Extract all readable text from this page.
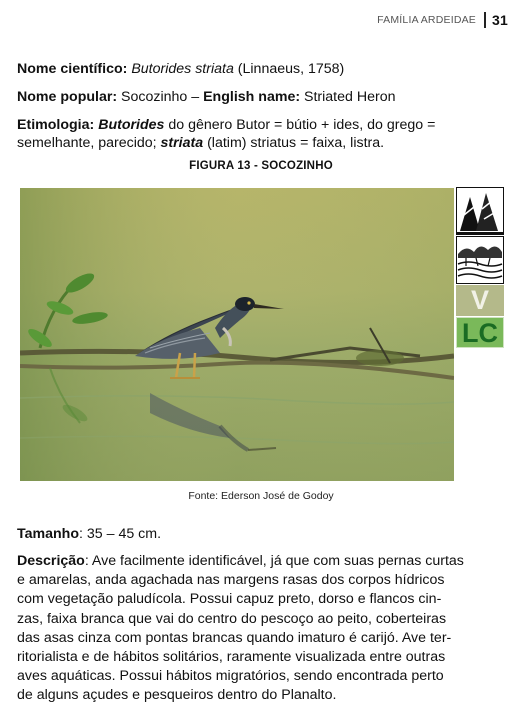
FAMÍLIA ARDEIDAE 31
Nome científico: Butorides striata (Linnaeus, 1758)
Nome popular: Socozinho – English name: Striated Heron
Etimologia: Butorides do gênero Butor = bútio + ides, do grego =
semelhante, parecido; striata (latim) striatus = faixa, listra.
FIGURA 13 - SOCOZINHO
V
LC
Fonte: Ederson José de Godoy
Tamanho: 35 – 45 cm.
Descrição: Ave facilmente identificável, já que com suas pernas curtas
e amarelas, anda agachada nas margens rasas dos corpos hídricos
com vegetação paludícola. Possui capuz preto, dorso e flancos cin-
zas, faixa branca que vai do centro do pescoço ao peito, coberteiras
das asas cinza com pontas brancas quando imaturo é carijó. Ave ter-
ritorialista e de hábitos solitários, raramente visualizada entre outras
aves aquáticas. Possui hábitos migratórios, sendo encontrada perto
de alguns açudes e pesqueiros dentro do Planalto.
